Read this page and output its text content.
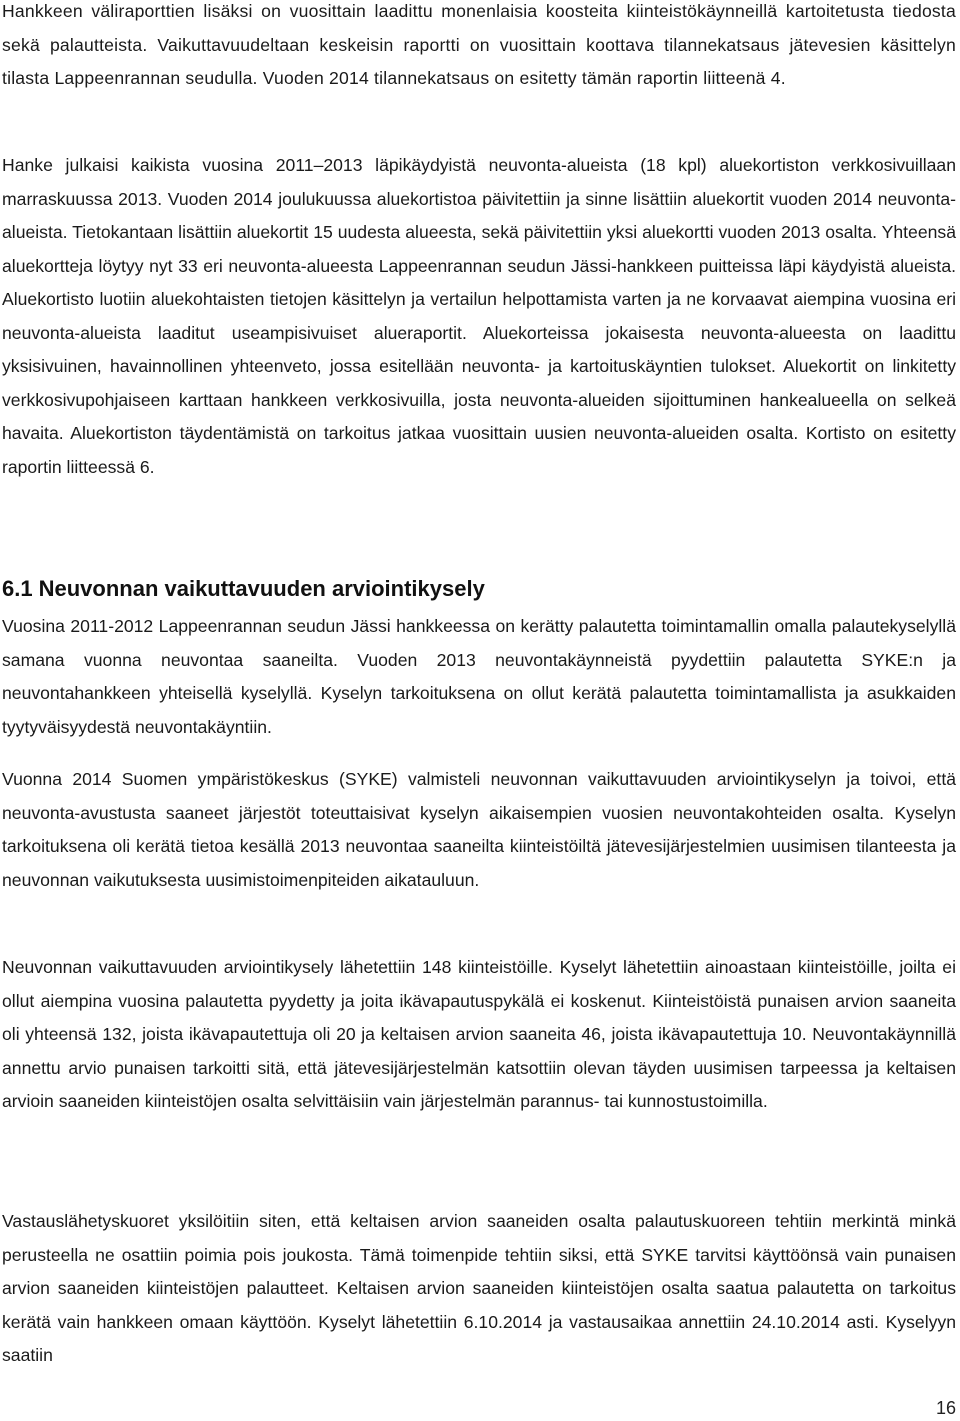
Hankkeen väliraporttien lisäksi on vuosittain laadittu monenlaisia koosteita kiinteistökäynneillä kartoitetusta tiedosta sekä palautteista. Vaikuttavuudeltaan keskeisin raportti on vuosittain koottava tilannekatsaus jätevesien käsittelyn tilasta Lappeenrannan seudulla. Vuoden 2014 tilannekatsaus on esitetty tämän raportin liitteenä 4.

Hanke julkaisi kaikista vuosina 2011–2013 läpikäydyistä neuvonta-alueista (18 kpl) aluekortiston verkkosivuillaan marraskuussa 2013. Vuoden 2014 joulukuussa aluekortistoa päivitettiin ja sinne lisättiin aluekortit vuoden 2014 neuvonta-alueista. Tietokantaan lisättiin aluekortit 15 uudesta alueesta, sekä päivitettiin yksi aluekortti vuoden 2013 osalta. Yhteensä aluekortteja löytyy nyt 33 eri neuvonta-alueesta Lappeenrannan seudun Jässi-hankkeen puitteissa läpi käydyistä alueista. Aluekortisto luotiin aluekohtaisten tietojen käsittelyn ja vertailun helpottamista varten ja ne korvaavat aiempina vuosina eri neuvonta-alueista laaditut useampisivuiset alueraportit. Aluekorteissa jokaisesta neuvonta-alueesta on laadittu yksisivuinen, havainnollinen yhteenveto, jossa esitellään neuvonta- ja kartoituskäyntien tulokset. Aluekortit on linkitetty verkkosivupohjaiseen karttaan hankkeen verkkosivuilla, josta neuvonta-alueiden sijoittuminen hankealueella on selkeä havaita. Aluekortiston täydentämistä on tarkoitus jatkaa vuosittain uusien neuvonta-alueiden osalta. Kortisto on esitetty raportin liitteessä 6.

6.1 Neuvonnan vaikuttavuuden arviointikysely

Vuosina 2011-2012 Lappeenrannan seudun Jässi hankkeessa on kerätty palautetta toimintamallin omalla palautekyselyllä samana vuonna neuvontaa saaneilta. Vuoden 2013 neuvontakäynneistä pyydettiin palautetta SYKE:n ja neuvontahankkeen yhteisellä kyselyllä. Kyselyn tarkoituksena on ollut kerätä palautetta toimintamallista ja asukkaiden tyytyväisyydestä neuvontakäyntiin.

Vuonna 2014 Suomen ympäristökeskus (SYKE) valmisteli neuvonnan vaikuttavuuden arviointikyselyn ja toivoi, että neuvonta-avustusta saaneet järjestöt toteuttaisivat kyselyn aikaisempien vuosien neuvontakohteiden osalta. Kyselyn tarkoituksena oli kerätä tietoa kesällä 2013 neuvontaa saaneilta kiinteistöiltä jätevesijärjestelmien uusimisen tilanteesta ja neuvonnan vaikutuksesta uusimistoimenpiteiden aikatauluun.

Neuvonnan vaikuttavuuden arviointikysely lähetettiin 148 kiinteistöille. Kyselyt lähetettiin ainoastaan kiinteistöille, joilta ei ollut aiempina vuosina palautetta pyydetty ja joita ikävapautuspykälä ei koskenut. Kiinteistöistä punaisen arvion saaneita oli yhteensä 132, joista ikävapautettuja oli 20 ja keltaisen arvion saaneita 46, joista ikävapautettuja 10. Neuvontakäynnillä annettu arvio punaisen tarkoitti sitä, että jätevesijärjestelmän katsottiin olevan täyden uusimisen tarpeessa ja keltaisen arvioin saaneiden kiinteistöjen osalta selvittäisiin vain järjestelmän parannus- tai kunnostustoimilla.

Vastauslähetyskuoret yksilöitiin siten, että keltaisen arvion saaneiden osalta palautuskuoreen tehtiin merkintä minkä perusteella ne osattiin poimia pois joukosta. Tämä toimenpide tehtiin siksi, että SYKE tarvitsi käyttöönsä vain punaisen arvion saaneiden kiinteistöjen palautteet. Keltaisen arvion saaneiden kiinteistöjen osalta saatua palautetta on tarkoitus kerätä vain hankkeen omaan käyttöön. Kyselyt lähetettiin 6.10.2014 ja vastausaikaa annettiin 24.10.2014 asti. Kyselyyn saatiin

16
